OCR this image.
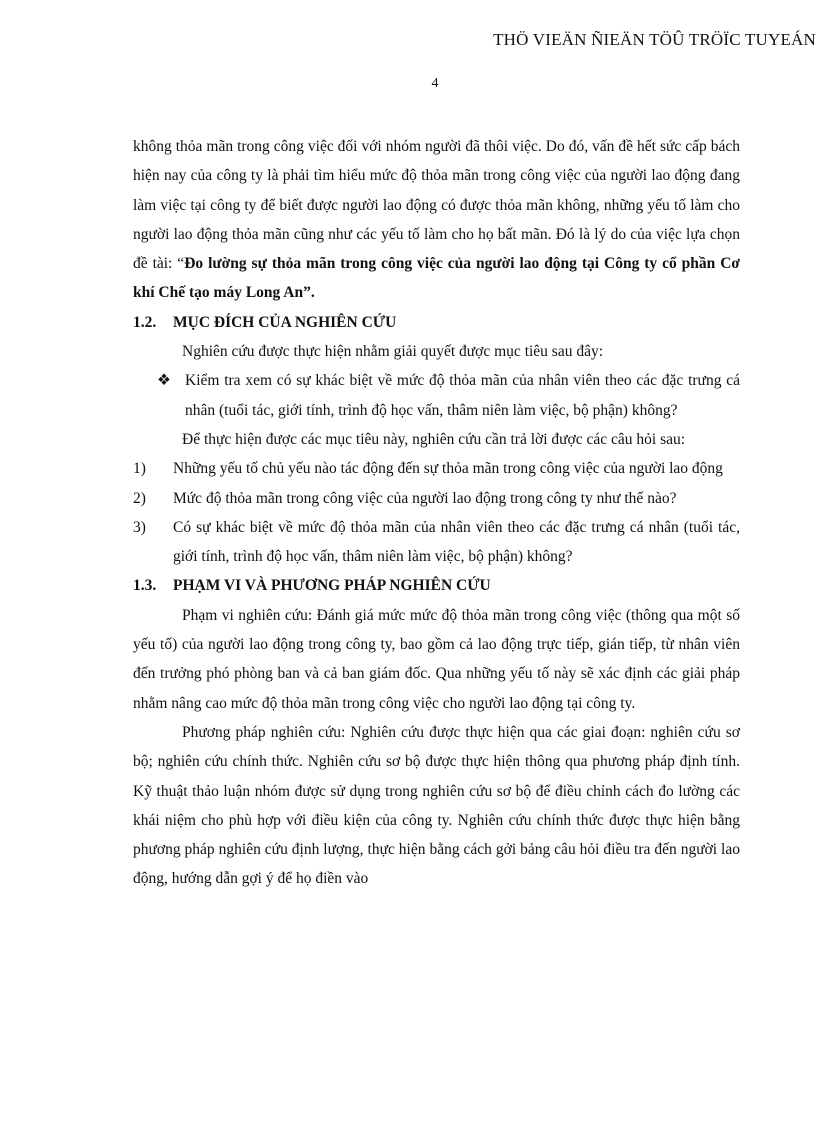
THÖ VIEÄN ÑIEÄN TÖÛ TRÖÏC TUYEÁN
4

không thỏa mãn trong công việc đối với nhóm người đã thôi việc. Do đó, vấn đề hết sức cấp bách hiện nay của công ty là phải tìm hiểu mức độ thỏa mãn trong công việc của người lao động đang làm việc tại công ty để biết được người lao động có được thỏa mãn không, những yếu tố làm cho người lao động thỏa mãn cũng như các yếu tố làm cho họ bất mãn. Đó là lý do của việc lựa chọn đề tài: “Đo lường sự thỏa mãn trong công việc của người lao động tại Công ty cổ phần Cơ khí Chế tạo máy Long An”.

1.2.	MỤC ĐÍCH CỦA NGHIÊN CỨU

Nghiên cứu được thực hiện nhằm giải quyết được mục tiêu sau đây:

❖ Kiểm tra xem có sự khác biệt về mức độ thỏa mãn của nhân viên theo các đặc trưng cá nhân (tuổi tác, giới tính, trình độ học vấn, thâm niên làm việc, bộ phận) không?

Để thực hiện được các mục tiêu này, nghiên cứu cần trả lời được các câu hỏi sau:

1)	Những yếu tố chủ yếu nào tác động đến sự thỏa mãn trong công việc của người lao động
2)	Mức độ thỏa mãn trong công việc của người lao động trong công ty như thế nào?
3)	Có sự khác biệt về mức độ thỏa mãn của nhân viên theo các đặc trưng cá nhân (tuổi tác, giới tính, trình độ học vấn, thâm niên làm việc, bộ phận) không?
1.3.	PHẠM VI VÀ PHƯƠNG PHÁP NGHIÊN CỨU

Phạm vi nghiên cứu: Đánh giá mức mức độ thỏa mãn trong công việc (thông qua một số yếu tố) của người lao động trong công ty, bao gồm cả lao động trực tiếp, gián tiếp, từ nhân viên đến trưởng phó phòng ban và cả ban giám đốc. Qua những yếu tố này sẽ xác định các giải pháp nhằm nâng cao mức độ thỏa mãn trong công việc cho người lao động tại công ty.

Phương pháp nghiên cứu: Nghiên cứu được thực hiện qua các giai đoạn: nghiên cứu sơ bộ; nghiên cứu chính thức. Nghiên cứu sơ bộ được thực hiện thông qua phương pháp định tính. Kỹ thuật thảo luận nhóm được sử dụng trong nghiên cứu sơ bộ để điều chỉnh cách đo lường các khái niệm cho phù hợp với điều kiện của công ty. Nghiên cứu chính thức được thực hiện bằng phương pháp nghiên cứu định lượng, thực hiện bằng cách gởi bảng câu hỏi điều tra đến người lao động, hướng dẫn gợi ý để họ điền vào
